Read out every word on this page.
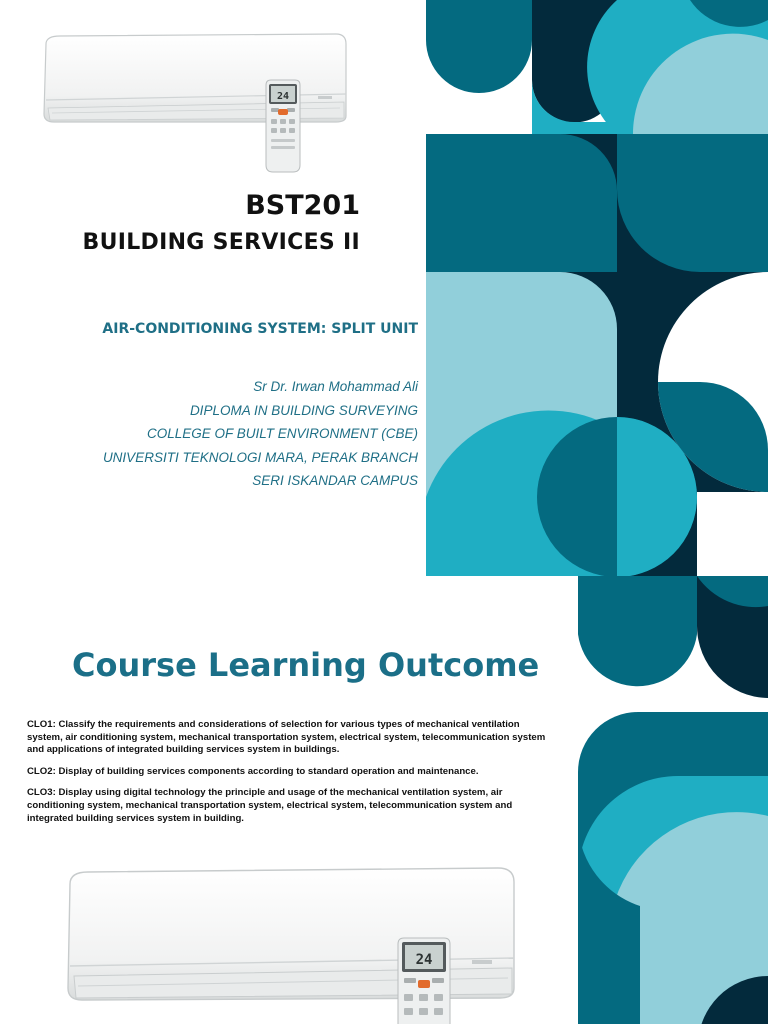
24
BST201
BUILDING SERVICES II
AIR-CONDITIONING SYSTEM: SPLIT UNIT
Sr Dr. Irwan Mohammad Ali
DIPLOMA IN BUILDING SURVEYING
COLLEGE OF BUILT ENVIRONMENT (CBE)
UNIVERSITI TEKNOLOGI MARA, PERAK BRANCH
SERI ISKANDAR CAMPUS
Course Learning Outcome

CLO1: Classify the requirements and considerations of selection for various types of mechanical ventilation system, air conditioning system, mechanical transportation system, electrical system, telecommunication system and applications of integrated building services system in buildings.

CLO2: Display of building services components according to standard operation and maintenance.

CLO3: Display using digital technology the principle and usage of the mechanical ventilation system, air conditioning system, mechanical transportation system, electrical system, telecommunication system and integrated building services system in building.

24
